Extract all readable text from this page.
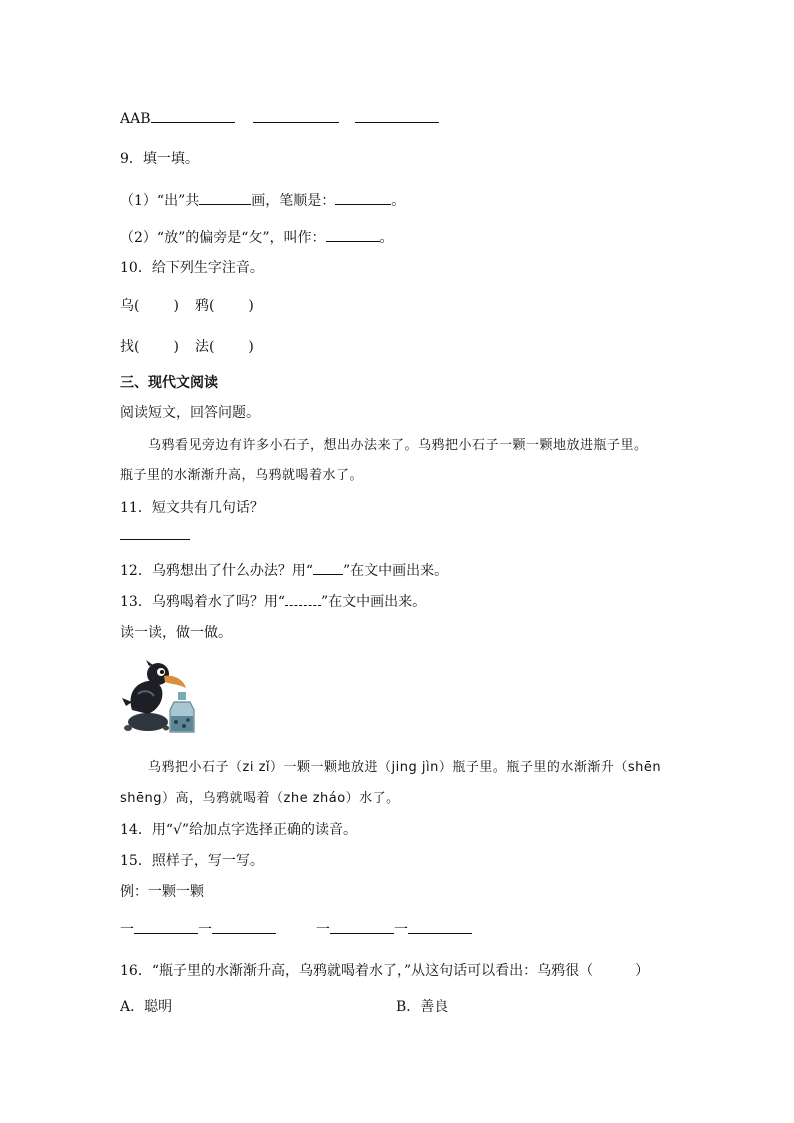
AAB
9．填一填。
（1）“出”共	画，笔顺是：	。
（2）“放”的偏旁是“攵”，叫作：	。
10．给下列生字注音。
乌( ) 鸦( )
找( ) 法( )
三、现代文阅读
阅读短文，回答问题。
乌鸦看见旁边有许多小石子，想出办法来了。乌鸦把小石子一颗一颗地放进瓶子里。
瓶子里的水渐渐升高，乌鸦就喝着水了。
11．短文共有几句话？
12．乌鸦想出了什么办法？用“ ”在文中画出来。
13．乌鸦喝着水了吗？用“	”在文中画出来。
读一读，做一做。
乌鸦把小石子（zi zǐ）一颗一颗地放进（jing jìn）瓶子里。瓶子里的水渐渐升（shēn
shēng）高，乌鸦就喝着（zhe zháo）水了。
14．用“√”给加点字选择正确的读音。
15．照样子，写一写。
例：一颗一颗
一	一	一	一
16．“瓶子里的水渐渐升高，乌鸦就喝着水了，”从这句话可以看出：乌鸦很（　　　）
A．聪明	B．善良
